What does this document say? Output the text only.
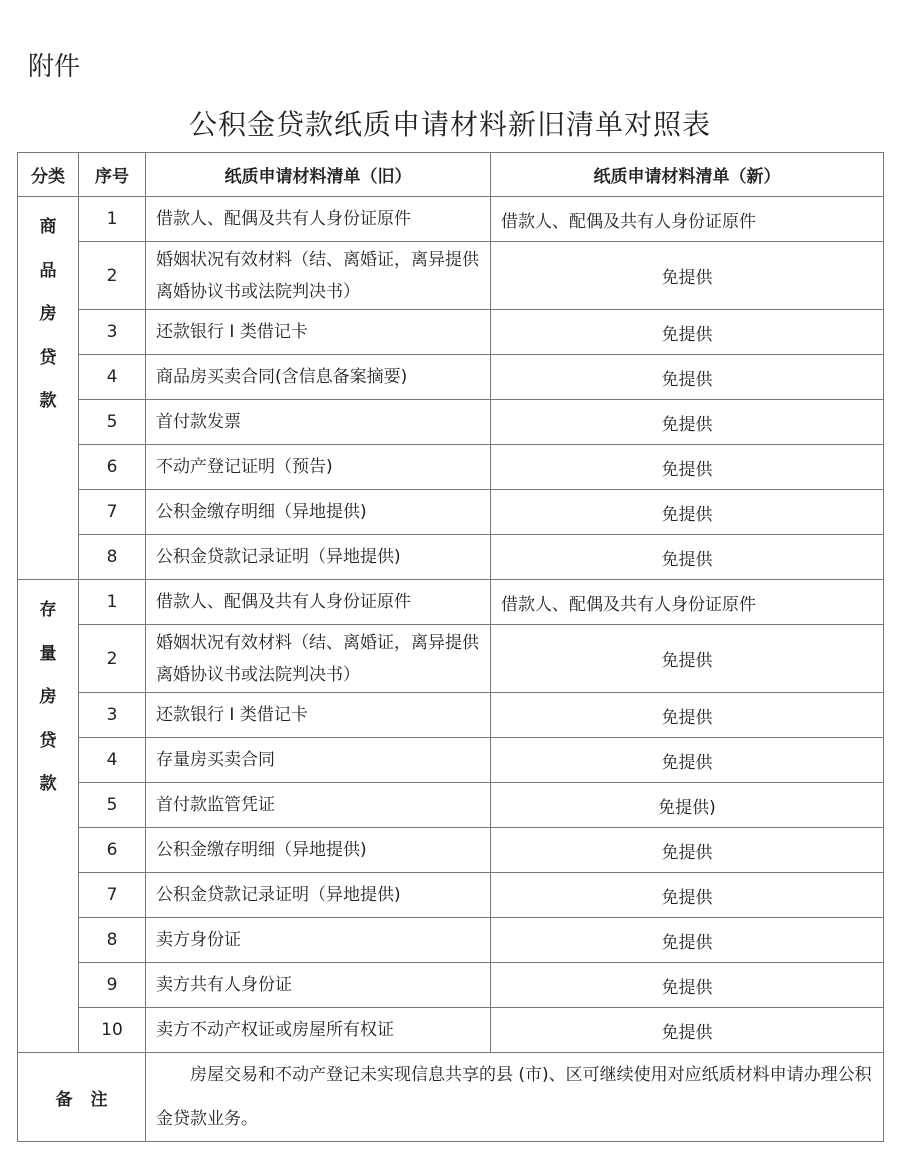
附件
公积金贷款纸质申请材料新旧清单对照表
分类	序号	纸质申请材料清单（旧）	纸质申请材料清单（新）

商品房贷款	1	借款人、配偶及共有人身份证原件	借款人、配偶及共有人身份证原件
	2	婚姻状况有效材料（结、离婚证，离异提供离婚协议书或法院判决书）	免提供
	3	还款银行 I 类借记卡	免提供
	4	商品房买卖合同(含信息备案摘要)	免提供
	5	首付款发票	免提供
	6	不动产登记证明（预告)	免提供
	7	公积金缴存明细（异地提供)	免提供
	8	公积金贷款记录证明（异地提供)	免提供

存量房贷款	1	借款人、配偶及共有人身份证原件	借款人、配偶及共有人身份证原件
	2	婚姻状况有效材料（结、离婚证，离异提供离婚协议书或法院判决书）	免提供
	3	还款银行 I 类借记卡	免提供
	4	存量房买卖合同	免提供
	5	首付款监管凭证	免提供)
	6	公积金缴存明细（异地提供)	免提供
	7	公积金贷款记录证明（异地提供)	免提供
	8	卖方身份证	免提供
	9	卖方共有人身份证	免提供
	10	卖方不动产权证或房屋所有权证	免提供
备注		房屋交易和不动产登记未实现信息共享的县 (市)、区可继续使用对应纸质材料申请办理公积金贷款业务。	
